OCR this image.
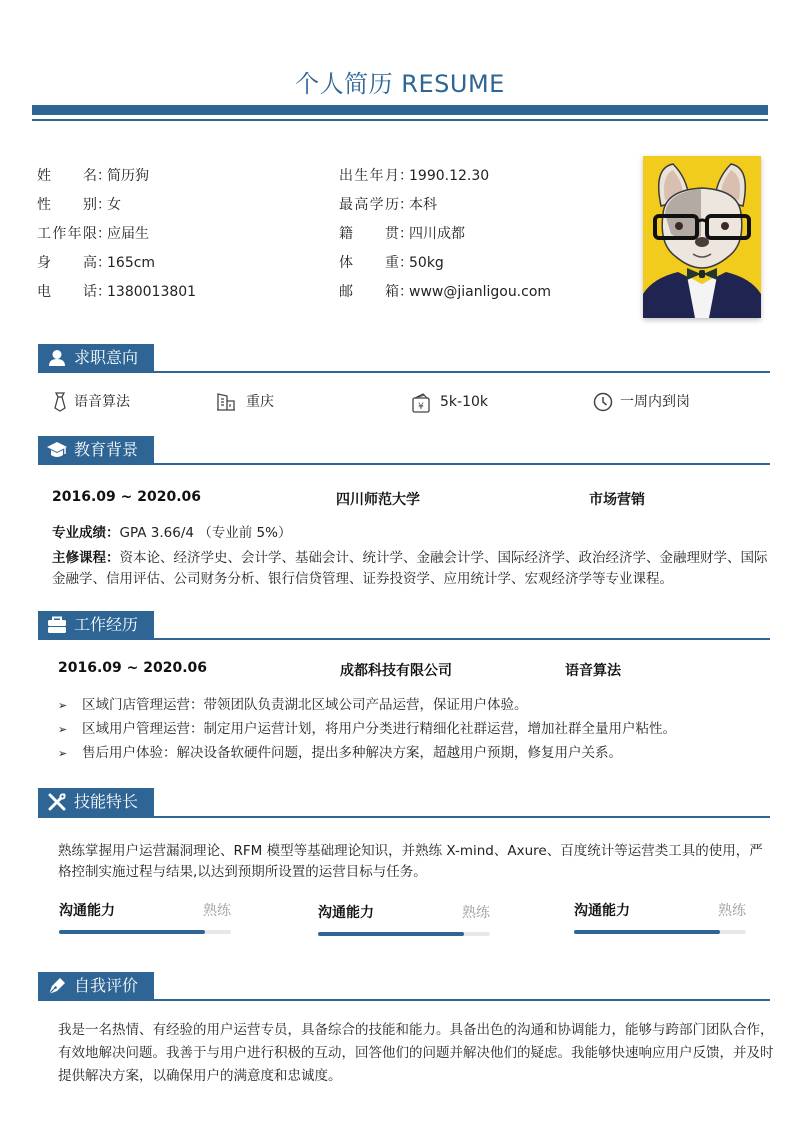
个人简历 RESUME
姓名：简历狗
性别：女
工作年限：应届生
身高：165cm
电话：1380013801
出生年月：1990.12.30
最高学历：本科
籍贯：四川成都
体重：50kg
邮箱：www@jianligou.com
求职意向
语音算法	重庆	¥ 5k-10k	一周内到岗
教育背景
2016.09 ~ 2020.06	四川师范大学	市场营销
专业成绩：GPA 3.66/4 （专业前 5%）
主修课程：资本论、经济学史、会计学、基础会计、统计学、金融会计学、国际经济学、政治经济学、金融理财学、国际金融学、信用评估、公司财务分析、银行信贷管理、证券投资学、应用统计学、宏观经济学等专业课程。
工作经历
2016.09 ~ 2020.06	成都科技有限公司	语音算法
➢ 区域门店管理运营：带领团队负责湖北区域公司产品运营，保证用户体验。
➢ 区域用户管理运营：制定用户运营计划，将用户分类进行精细化社群运营，增加社群全量用户粘性。
➢ 售后用户体验：解决设备软硬件问题，提出多种解决方案，超越用户预期，修复用户关系。
技能特长
熟练掌握用户运营漏洞理论、RFM 模型等基础理论知识，并熟练 X-mind、Axure、百度统计等运营类工具的使用，严格控制实施过程与结果,以达到预期所设置的运营目标与任务。
沟通能力	熟练	沟通能力	熟练	沟通能力	熟练
自我评价
我是一名热情、有经验的用户运营专员，具备综合的技能和能力。具备出色的沟通和协调能力，能够与跨部门团队合作，有效地解决问题。我善于与用户进行积极的互动，回答他们的问题并解决他们的疑虑。我能够快速响应用户反馈，并及时提供解决方案，以确保用户的满意度和忠诚度。
